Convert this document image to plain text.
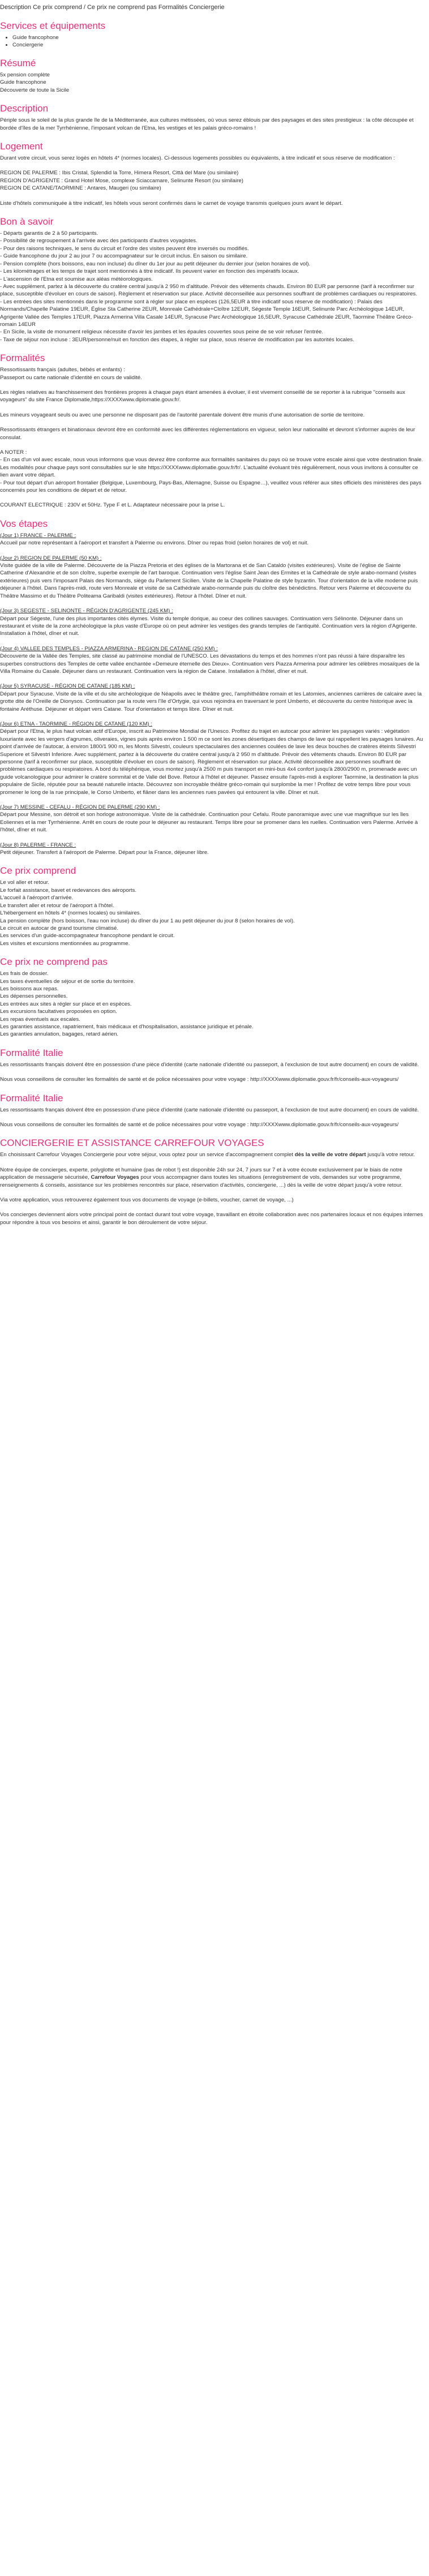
Description Ce prix comprend / Ce prix ne comprend pas Formalités Conciergerie
Services et équipements
• Guide francophone
• Conciergerie
Résumé
5x pension complète
Guide francophone
Découverte de toute la Sicile
Description

Périple sous le soleil de la plus grande île de la Méditerranée, aux cultures métissées, où vous serez éblouis par des paysages et des sites prestigieux : la côte découpée et bordée d'îles de la mer Tyrrhénienne, l'imposant volcan de l'Etna, les vestiges et les palais gréco-romains !

Logement

Durant votre circuit, vous serez logés en hôtels 4* (normes locales). Ci-dessous logements possibles ou équivalents, à titre indicatif et sous réserve de modification :

REGION DE PALERME : Ibis Cristal, Splendid la Torre, Himera Resort, Città del Mare (ou similaire)

REGION D'AGRIGENTE : Grand Hotel Mose, complexe Sciaccamare, Selinunte Resort (ou similaire)

REGION DE CATANE/TAORMINE : Antares, Maugeri (ou similaire)

Liste d'hôtels communiquée à titre indicatif, les hôtels vous seront confirmés dans le carnet de voyage transmis quelques jours avant le départ.

Bon à savoir

- Départs garantis de 2 à 50 participants.

- Possibilité de regroupement à l'arrivée avec des participants d'autres voyagistes.

- Pour des raisons techniques, le sens du circuit et l'ordre des visites peuvent être inversés ou modifiés.

- Guide francophone du jour 2 au jour 7 ou accompagnateur sur le circuit inclus. En saison ou similaire.

- Pension complète (hors boissons, eau non incluse) du dîner du 1er jour au petit déjeuner du dernier jour (selon horaires de vol).

- Les kilométrages et les temps de trajet sont mentionnés à titre indicatif. Ils peuvent varier en fonction des impératifs locaux.

- L'ascension de l'Etna est soumise aux aléas météorologiques.

- Avec supplément, partez à la découverte du cratère central jusqu'à 2 950 m d'altitude. Prévoir des vêtements chauds. Environ 80 EUR par personne (tarif à reconfirmer sur place, susceptible d'évoluer en cours de saison). Règlement et réservation sur place. Activité déconseillée aux personnes souffrant de problèmes cardiaques ou respiratoires.

- Les entrées des sites mentionnés dans le programme sont à régler sur place en espèces (126,5EUR à titre indicatif sous réserve de modification) : Palais des Normands/Chapelle Palatine 19EUR, Église Sta Catherine 2EUR, Monreale Cathédrale+Cloître 12EUR, Ségeste Temple 16EUR, Selinunte Parc Archéologique 14EUR, Agrigente Vallée des Temples 17EUR, Piazza Armerina Villa Casale 14EUR, Syracuse Parc Archéologique 16,5EUR, Syracuse Cathédrale 2EUR, Taormine Théâtre Gréco-romain 14EUR

- En Sicile, la visite de monument religieux nécessite d'avoir les jambes et les épaules couvertes sous peine de se voir refuser l'entrée.

- Taxe de séjour non incluse : 3EUR/personne/nuit en fonction des étapes, à régler sur place, sous réserve de modification par les autorités locales.

Formalités

Ressortissants français (adultes, bébés et enfants) :

Passeport ou carte nationale d'identité en cours de validité.

Les règles relatives au franchissement des frontières propres à chaque pays étant amenées à évoluer, il est vivement conseillé de se reporter à la rubrique "conseils aux voyageurs" du site France Diplomatie,https://XXXXwww.diplomatie.gouv.fr/.

Les mineurs voyageant seuls ou avec une personne ne disposant pas de l'autorité parentale doivent être munis d'une autorisation de sortie de territoire.

Ressortissants étrangers et binationaux devront être en conformité avec les différentes réglementations en vigueur, selon leur nationalité et devront s'informer auprès de leur consulat.

A NOTER :

- En cas d'un vol avec escale, nous vous informons que vous devrez être conforme aux formalités sanitaires du pays où se trouve votre escale ainsi que votre destination finale.

Les modalités pour chaque pays sont consultables sur le site https://XXXXwww.diplomatie.gouv.fr/fr/. L'actualité évoluant très régulièrement, nous vous invitons à consulter ce lien avant votre départ.

- Pour tout départ d'un aéroport frontalier (Belgique, Luxembourg, Pays-Bas, Allemagne, Suisse ou Espagne…), veuillez vous référer aux sites officiels des ministères des pays concernés pour les conditions de départ et de retour.

COURANT ELECTRIQUE : 230V et 50Hz. Type F et L. Adaptateur nécessaire pour la prise L.

Vos étapes

(Jour 1) FRANCE - PALERME :

Accueil par notre représentant à l'aéroport et transfert à Palerme ou environs. Dîner ou repas froid (selon horaires de vol) et nuit.

(Jour 2) REGION DE PALERME (50 KM) :

Visite guidée de la ville de Palerme. Découverte de la Piazza Pretoria et des églises de la Martorana et de San Cataldo (visites extérieures). Visite de l'église de Sainte Catherine d'Alexandrie et de son cloître, superbe exemple de l'art baroque. Continuation vers l'église Saint Jean des Ermites et la Cathédrale de style arabo-normand (visites extérieures) puis vers l'imposant Palais des Normands, siège du Parlement Sicilien. Visite de la Chapelle Palatine de style byzantin. Tour d'orientation de la ville moderne puis déjeuner à l'hôtel. Dans l'après-midi, route vers Monreale et visite de sa Cathédrale arabo-normande puis du cloître des bénédictins. Retour vers Palerme et découverte du Théâtre Massimo et du Théâtre Politeama Garibaldi (visites extérieures). Retour à l'hôtel. Dîner et nuit.

(Jour 3) SEGESTE - SELINONTE - RÉGION D'AGRIGENTE (245 KM) :

Départ pour Ségeste, l'une des plus importantes cités élymes. Visite du temple dorique, au coeur des collines sauvages. Continuation vers Sélinonte. Déjeuner dans un restaurant et visite de la zone archéologique la plus vaste d'Europe où on peut admirer les vestiges des grands temples de l'antiquité. Continuation vers la région d'Agrigente. Installation à l'hôtel, dîner et nuit.

(Jour 4) VALLEE DES TEMPLES - PIAZZA ARMERINA - REGION DE CATANE (250 KM) :

Découverte de la Vallée des Temples, site classé au patrimoine mondial de l'UNESCO. Les dévastations du temps et des hommes n'ont pas réussi à faire disparaître les superbes constructions des Temples de cette vallée enchantée «Demeure éternelle des Dieux». Continuation vers Piazza Armerina pour admirer les célèbres mosaïques de la Villa Romaine du Casale. Déjeuner dans un restaurant. Continuation vers la région de Catane. Installation à l'hôtel, dîner et nuit.

(Jour 5) SYRACUSE - RÉGION DE CATANE (185 KM) :

Départ pour Syracuse. Visite de la ville et du site archéologique de Néapolis avec le théâtre grec, l'amphithéâtre romain et les Latomies, anciennes carrières de calcaire avec la grotte dite de l'Oreille de Dionysos. Continuation par la route vers l'île d'Ortygie, qui vous rejoindra en traversant le pont Umberto, et découverte du centre historique avec la fontaine Aréthuse. Déjeuner et départ vers Catane. Tour d'orientation et temps libre. Dîner et nuit.

(Jour 6) ETNA - TAORMINE - RÉGION DE CATANE (120 KM) :

Départ pour l'Etna, le plus haut volcan actif d'Europe, inscrit au Patrimoine Mondial de l'Unesco. Profitez du trajet en autocar pour admirer les paysages variés : végétation luxuriante avec les vergers d'agrumes, oliveraies, vignes puis après environ 1 500 m ce sont les zones désertiques des champs de lave qui rappellent les paysages lunaires. Au point d'arrivée de l'autocar, à environ 1800/1 900 m, les Monts Silvestri, couleurs spectaculaires des anciennes coulées de lave les deux bouches de cratères éteints Silvestri Superiore et Silvestri Inferiore. Avec supplément, partez à la découverte du cratère central jusqu'à 2 950 m d'altitude. Prévoir des vêtements chauds. Environ 80 EUR par personne (tarif à reconfirmer sur place, susceptible d'évoluer en cours de saison). Règlement et réservation sur place. Activité déconseillée aux personnes souffrant de problèmes cardiaques ou respiratoires. A bord du téléphérique, vous montez jusqu'à 2500 m puis transport en mini-bus 4x4 confort jusqu'à 2800/2900 m, promenade avec un guide volcanologique pour admirer le cratère sommital et de Valle del Bove. Retour à l'hôtel et déjeuner. Passez ensuite l'après-midi à explorer Taormine, la destination la plus populaire de Sicile, réputée pour sa beauté naturelle intacte. Découvrez son incroyable théâtre gréco-romain qui surplombe la mer ! Profitez de votre temps libre pour vous promener le long de la rue principale, le Corso Umberto, et flâner dans les anciennes rues pavées qui entourent la ville. Dîner et nuit.

(Jour 7) MESSINE - CEFALU - RÉGION DE PALERME (290 KM) :

Départ pour Messine, son détroit et son horloge astronomique. Visite de la cathédrale. Continuation pour Cefalu. Route panoramique avec une vue magnifique sur les îles Eoliennes et la mer Tyrrhénienne. Arrêt en cours de route pour le déjeuner au restaurant. Temps libre pour se promener dans les ruelles. Continuation vers Palerme. Arrivée à l'hôtel, dîner et nuit.

(Jour 8) PALERME - FRANCE :

Petit déjeuner. Transfert à l'aéroport de Palerme. Départ pour la France, déjeuner libre.

Ce prix comprend

Le vol aller et retour.

Le forfait assistance, bavet et redevances des aéroports.

L'accueil à l'aéroport d'arrivée.

Le transfert aller et retour de l'aéroport à l'hôtel.

L'hébergement en hôtels 4* (normes locales) ou similaires.

La pension complète (hors boisson, l'eau non incluse) du dîner du jour 1 au petit déjeuner du jour 8 (selon horaires de vol).

Le circuit en autocar de grand tourisme climatisé.

Les services d'un guide-accompagnateur francophone pendant le circuit.

Les visites et excursions mentionnées au programme.

Ce prix ne comprend pas

Les frais de dossier.

Les taxes éventuelles de séjour et de sortie du territoire.

Les boissons aux repas.

Les dépenses personnelles.

Les entrées aux sites à régler sur place et en espèces.

Les excursions facultatives proposées en option.

Les repas éventuels aux escales.

Les garanties assistance, rapatriement, frais médicaux et d'hospitalisation, assistance juridique et pénale.

Les garanties annulation, bagages, retard aérien.

Formalité Italie

Les ressortissants français doivent être en possession d'une pièce d'identité (carte nationale d'identité ou passeport, à l'exclusion de tout autre document) en cours de validité.

Nous vous conseillons de consulter les formalités de santé et de police nécessaires pour votre voyage : http://XXXXwww.diplomatie.gouv.fr/fr/conseils-aux-voyageurs/

Formalité Italie

Les ressortissants français doivent être en possession d'une pièce d'identité (carte nationale d'identité ou passeport, à l'exclusion de tout autre document) en cours de validité.

Nous vous conseillons de consulter les formalités de santé et de police nécessaires pour votre voyage : http://XXXXwww.diplomatie.gouv.fr/fr/conseils-aux-voyageurs/

CONCIERGERIE ET ASSISTANCE CARREFOUR VOYAGES

En choisissant Carrefour Voyages Conciergerie pour votre séjour, vous optez pour un service d'accompagnement complet dès la veille de votre départ jusqu'à votre retour.

Notre équipe de concierges, experte, polyglotte et humaine (pas de robot !) est disponible 24h sur 24, 7 jours sur 7 et à votre écoute exclusivement par le biais de notre application de messagerie sécurisée, Carrefour Voyages pour vous accompagner dans toutes les situations (enregistrement de vols, demandes sur votre programme, renseignements & conseils, assistance sur les problèmes rencontrés sur place, réservation d'activités, conciergerie, ...) dès la veille de votre départ jusqu'à votre retour.

Via votre application, vous retrouverez également tous vos documents de voyage (e-billets, voucher, carnet de voyage, ...)

Vos concierges deviennent alors votre principal point de contact durant tout votre voyage, travaillant en étroite collaboration avec nos partenaires locaux et nos équipes internes pour répondre à tous vos besoins et ainsi, garantir le bon déroulement de votre séjour.
